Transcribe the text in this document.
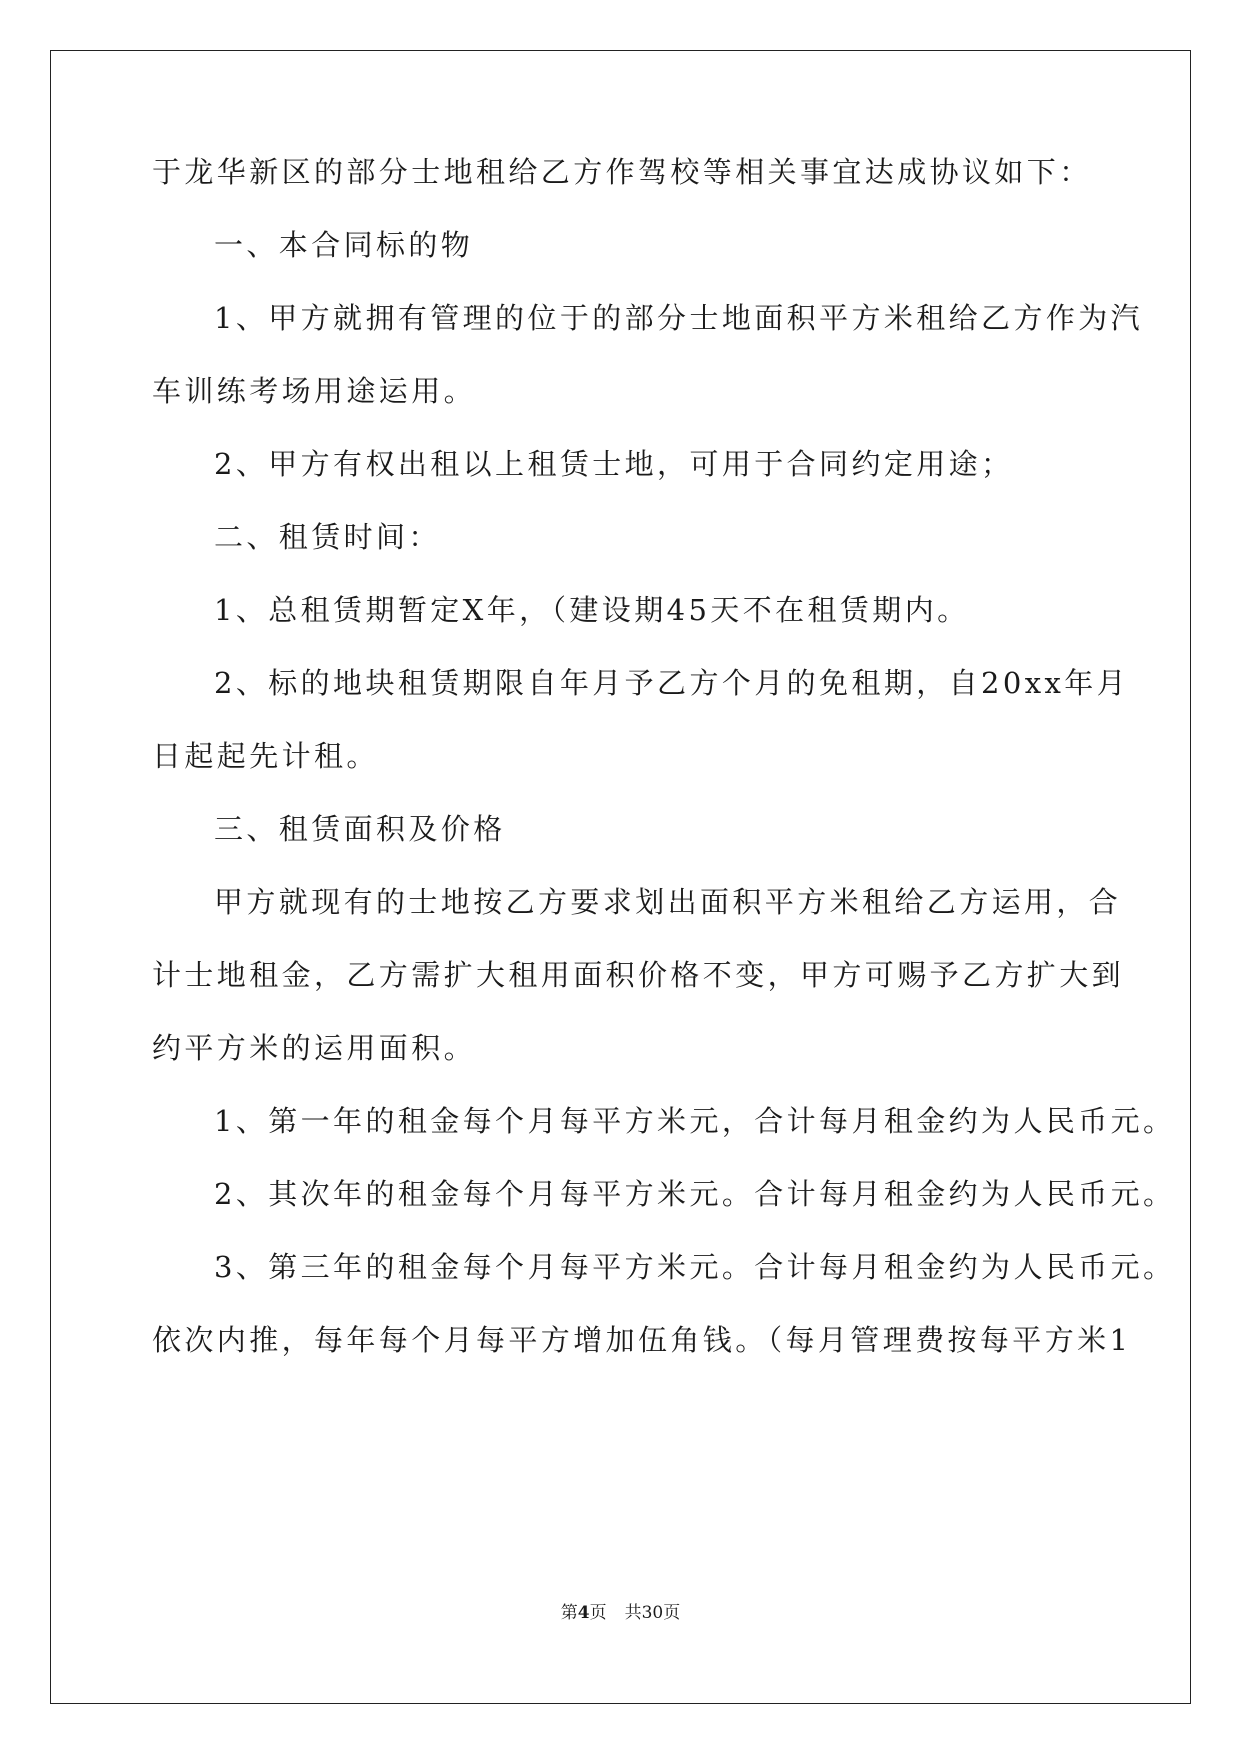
于龙华新区的部分士地租给乙方作驾校等相关事宜达成协议如下：
一、本合同标的物
1、甲方就拥有管理的位于的部分士地面积平方米租给乙方作为汽
车训练考场用途运用。
2、甲方有权出租以上租赁士地，可用于合同约定用途；
二、租赁时间：
1、总租赁期暂定X年，（建设期45天不在租赁期内。
2、标的地块租赁期限自年月予乙方个月的免租期，自20xx年月
日起起先计租。
三、租赁面积及价格
甲方就现有的士地按乙方要求划出面积平方米租给乙方运用，合
计士地租金，乙方需扩大租用面积价格不变，甲方可赐予乙方扩大到
约平方米的运用面积。
1、第一年的租金每个月每平方米元，合计每月租金约为人民币元。
2、其次年的租金每个月每平方米元。合计每月租金约为人民币元。
3、第三年的租金每个月每平方米元。合计每月租金约为人民币元。
依次内推，每年每个月每平方增加伍角钱。（每月管理费按每平方米1
第4页 共30页
